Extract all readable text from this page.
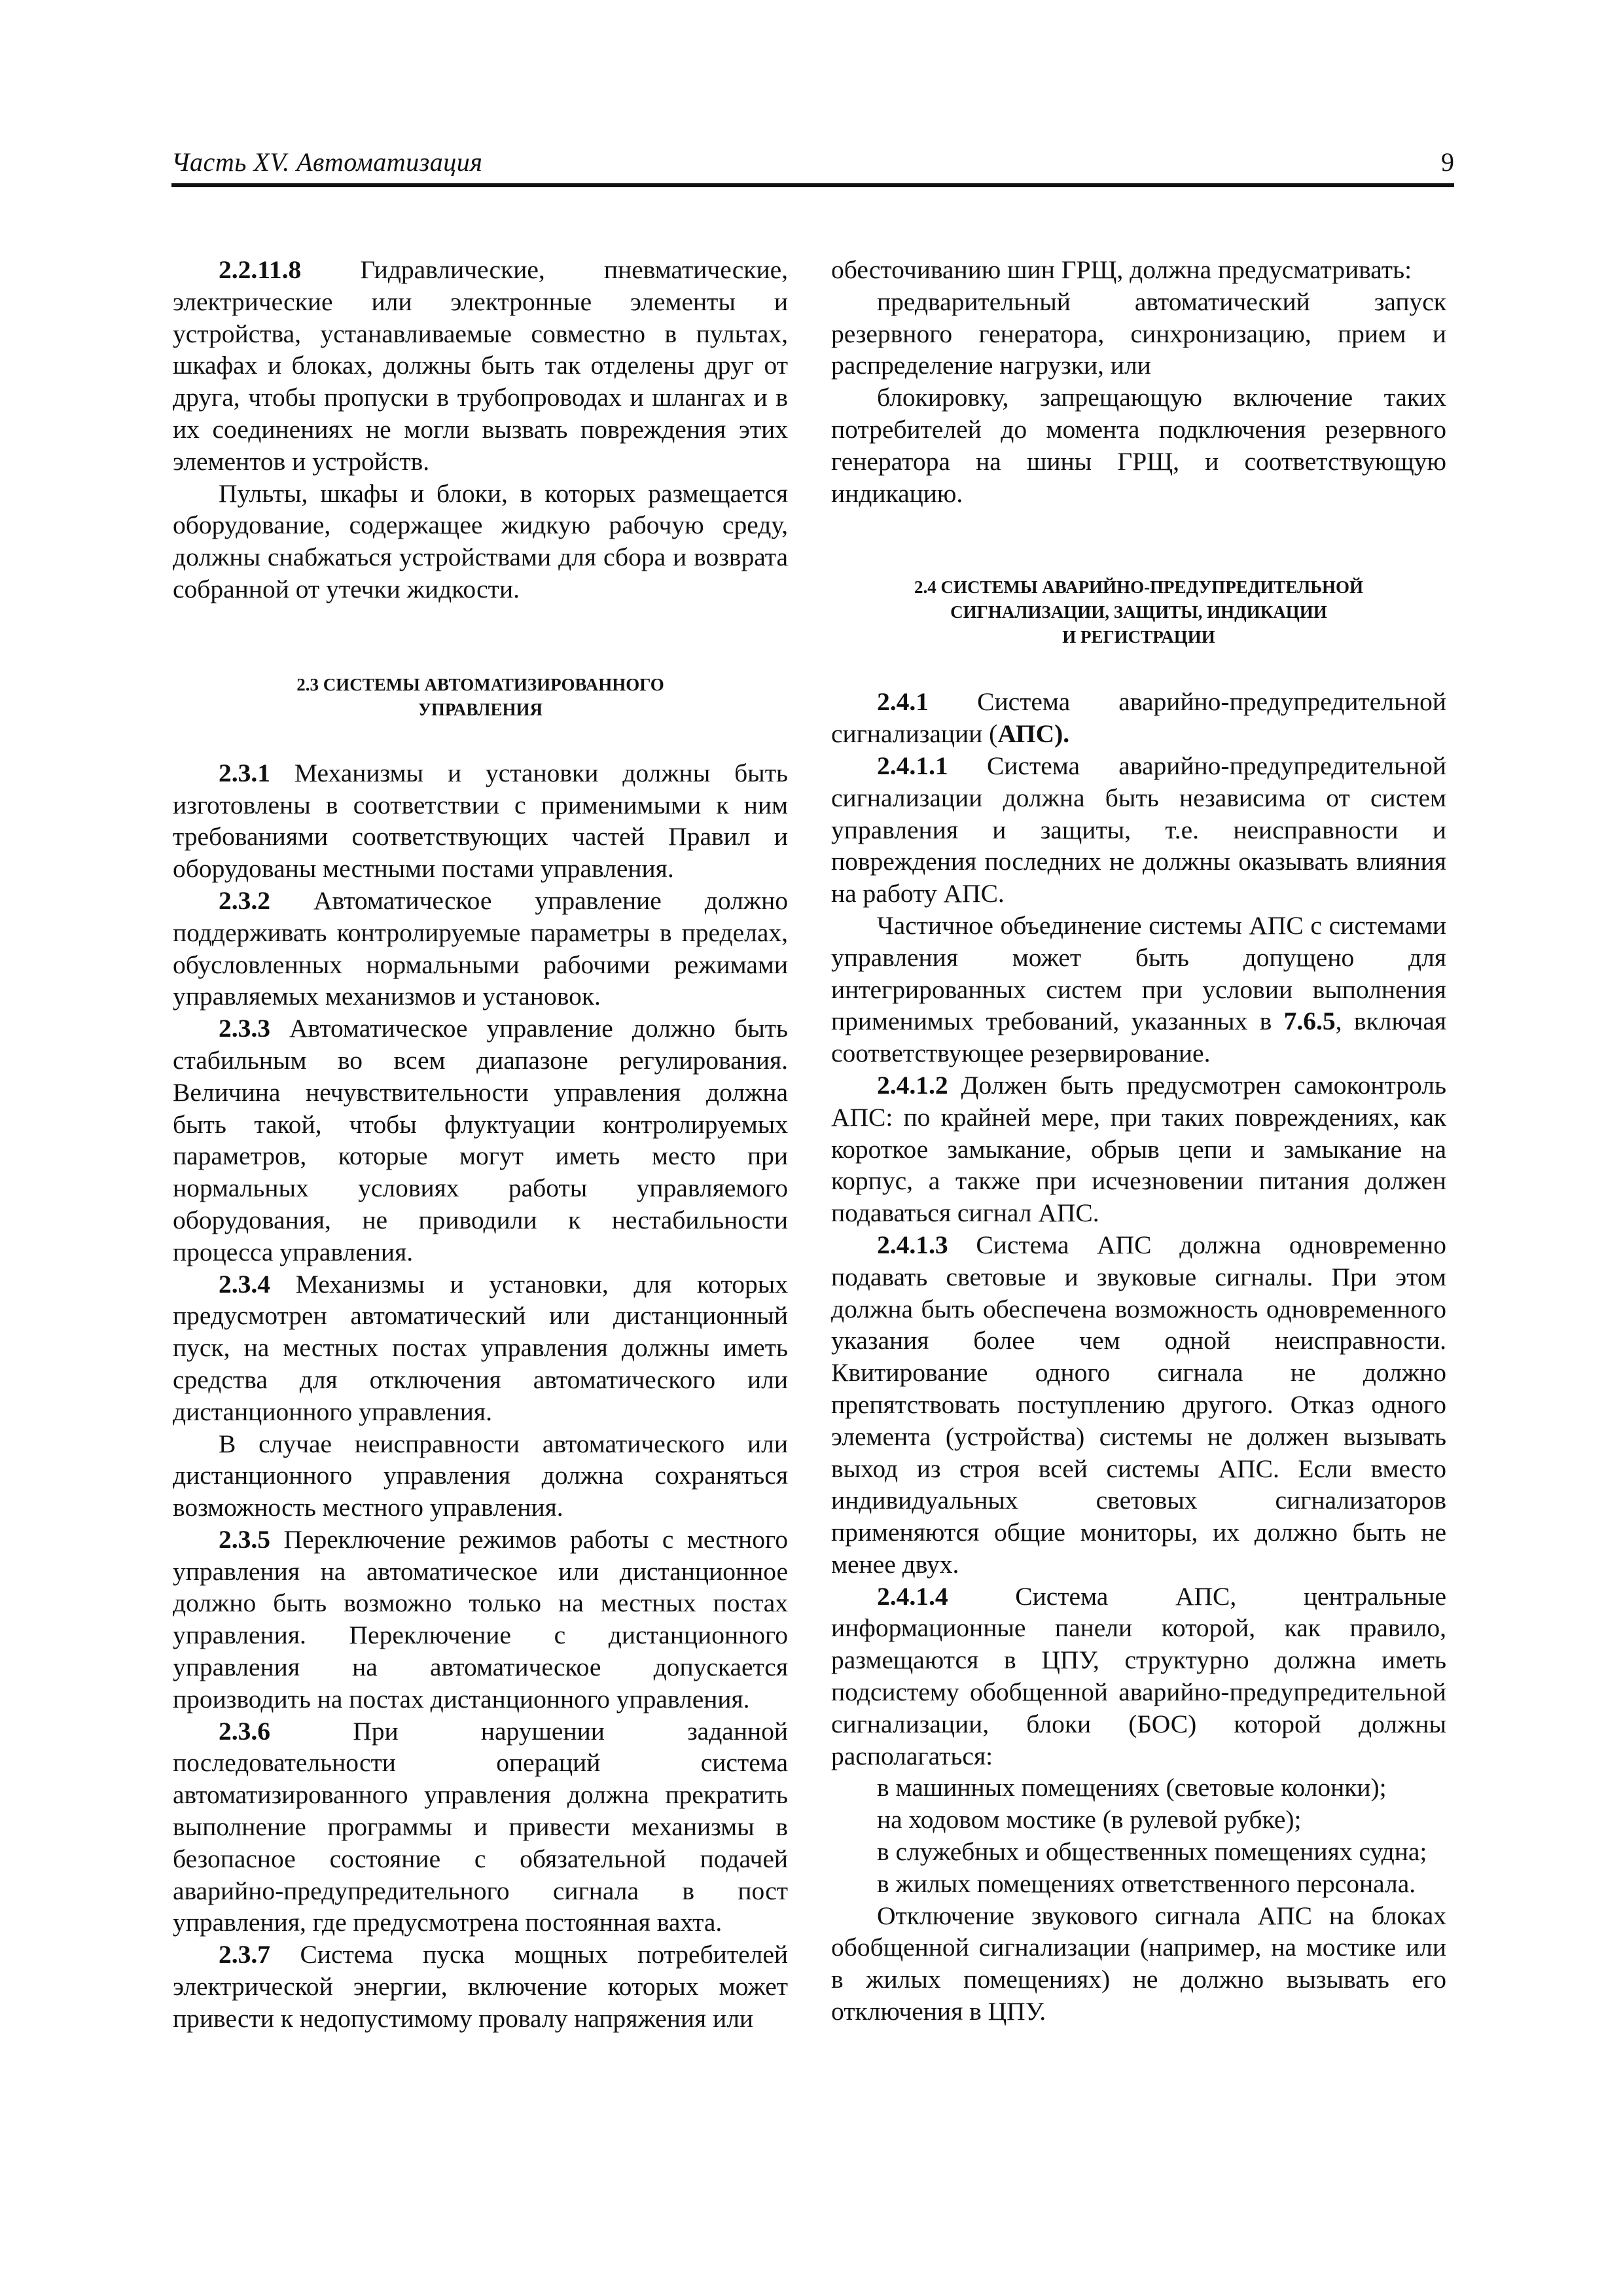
Часть XV. Автоматизация	9

2.2.11.8 Гидравлические, пневматические, электрические или электронные элементы и устройства, устанавливаемые совместно в пультах, шкафах и блоках, должны быть так отделены друг от друга, чтобы пропуски в трубопроводах и шлангах и в их соединениях не могли вызвать повреждения этих элементов и устройств.

Пульты, шкафы и блоки, в которых размещается оборудование, содержащее жидкую рабочую среду, должны снабжаться устройствами для сбора и возврата собранной от утечки жидкости.

2.3 СИСТЕМЫ АВТОМАТИЗИРОВАННОГО
УПРАВЛЕНИЯ

2.3.1 Механизмы и установки должны быть изготовлены в соответствии с применимыми к ним требованиями соответствующих частей Правил и оборудованы местными постами управления.

2.3.2 Автоматическое управление должно поддерживать контролируемые параметры в пределах, обусловленных нормальными рабочими режимами управляемых механизмов и установок.

2.3.3 Автоматическое управление должно быть стабильным во всем диапазоне регулирования. Величина нечувствительности управления должна быть такой, чтобы флуктуации контролируемых параметров, которые могут иметь место при нормальных условиях работы управляемого оборудования, не приводили к нестабильности процесса управления.

2.3.4 Механизмы и установки, для которых предусмотрен автоматический или дистанционный пуск, на местных постах управления должны иметь средства для отключения автоматического или дистанционного управления.

В случае неисправности автоматического или дистанционного управления должна сохраняться возможность местного управления.

2.3.5 Переключение режимов работы с местного управления на автоматическое или дистанционное должно быть возможно только на местных постах управления. Переключение с дистанционного управления на автоматическое допускается производить на постах дистанционного управления.

2.3.6	При нарушении заданной последовательности операций система автоматизированного управления должна прекратить выполнение программы и привести механизмы в безопасное состояние с обязательной подачей аварийно-предупредительного сигнала в пост управления, где предусмотрена постоянная вахта.

2.3.7 Система пуска мощных потребителей электрической энергии, включение которых может привести к недопустимому провалу напряжения или

обесточиванию шин ГРЩ, должна предусматривать:

предварительный автоматический запуск резервного генератора, синхронизацию, прием и распределение нагрузки, или

блокировку, запрещающую включение таких потребителей до момента подключения резервного генератора на шины ГРЩ, и соответствующую индикацию.

2.4 СИСТЕМЫ АВАРИЙНО-ПРЕДУПРЕДИТЕЛЬНОЙ
СИГНАЛИЗАЦИИ, ЗАЩИТЫ, ИНДИКАЦИИ
И РЕГИСТРАЦИИ

2.4.1 Система аварийно-предупредительной сигнализации (АПС).

2.4.1.1 Система аварийно-предупредительной сигнализации должна быть независима от систем управления и защиты, т.е. неисправности и повреждения последних не должны оказывать влияния на работу АПС.

Частичное объединение системы АПС с системами управления может быть допущено для интегрированных систем при условии выполнения применимых требований, указанных в 7.6.5, включая соответствующее резервирование.

2.4.1.2 Должен быть предусмотрен самоконтроль АПС: по крайней мере, при таких повреждениях, как короткое замыкание, обрыв цепи и замыкание на корпус, а также при исчезновении питания должен подаваться сигнал АПС.

2.4.1.3 Система АПС должна одновременно подавать световые и звуковые сигналы. При этом должна быть обеспечена возможность одновременного указания более чем одной неисправности. Квитирование одного сигнала не должно препятствовать поступлению другого. Отказ одного элемента (устройства) системы не должен вызывать выход из строя всей системы АПС. Если вместо индивидуальных световых сигнализаторов применяются общие мониторы, их должно быть не менее двух.

2.4.1.4	Система АПС, центральные информационные панели которой, как правило, размещаются в ЦПУ, структурно должна иметь подсистему обобщенной аварийно-предупредительной сигнализации, блоки (БОС) которой должны располагаться:

в машинных помещениях (световые колонки);

на ходовом мостике (в рулевой рубке);

в служебных и общественных помещениях судна;

в жилых помещениях ответственного персонала.

Отключение звукового сигнала АПС на блоках обобщенной сигнализации (например, на мостике или в жилых помещениях) не должно вызывать его отключения в ЦПУ.
